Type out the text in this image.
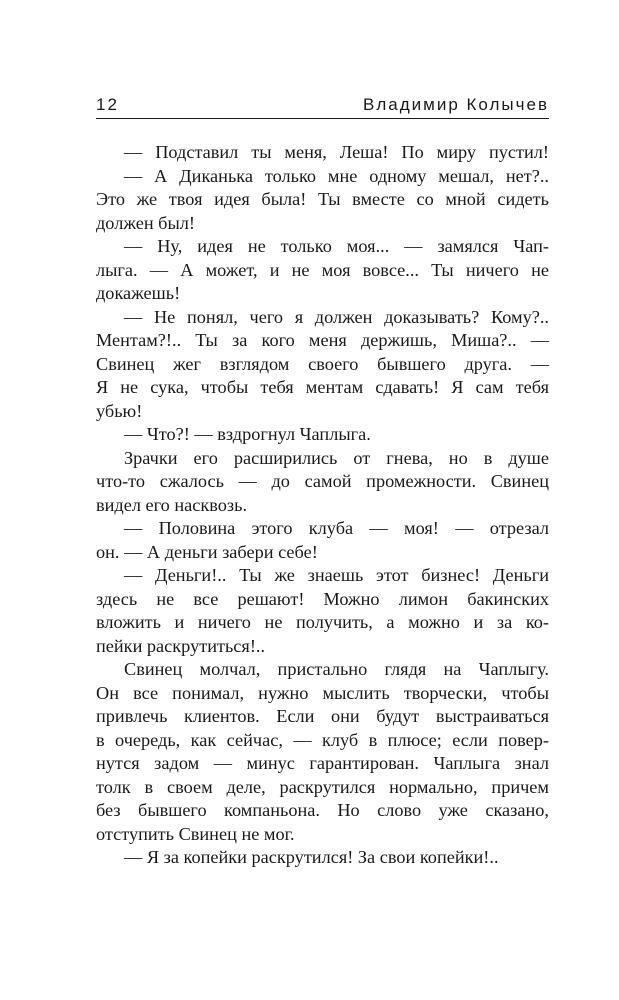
12	Владимир Колычев
— Подставил ты меня, Леша! По миру пустил!
— А Диканька только мне одному мешал, нет?..
Это же твоя идея была! Ты вместе со мной сидеть
должен был!
— Ну, идея не только моя... — замялся Чап-
лыга. — А может, и не моя вовсе... Ты ничего не
докажешь!
— Не понял, чего я должен доказывать? Кому?..
Ментам?!.. Ты за кого меня держишь, Миша?.. —
Свинец жег взглядом своего бывшего друга. —
Я не сука, чтобы тебя ментам сдавать! Я сам тебя
убью!
— Что?! — вздрогнул Чаплыга.
Зрачки его расширились от гнева, но в душе
что-то сжалось — до самой промежности. Свинец
видел его насквозь.
— Половина этого клуба — моя! — отрезал
он. — А деньги забери себе!
— Деньги!.. Ты же знаешь этот бизнес! Деньги
здесь не все решают! Можно лимон бакинских
вложить и ничего не получить, а можно и за ко-
пейки раскрутиться!..
Свинец молчал, пристально глядя на Чаплыгу.
Он все понимал, нужно мыслить творчески, чтобы
привлечь клиентов. Если они будут выстраиваться
в очередь, как сейчас, — клуб в плюсе; если повер-
нутся задом — минус гарантирован. Чаплыга знал
толк в своем деле, раскрутился нормально, причем
без бывшего компаньона. Но слово уже сказано,
отступить Свинец не мог.
— Я за копейки раскрутился! За свои копейки!..
